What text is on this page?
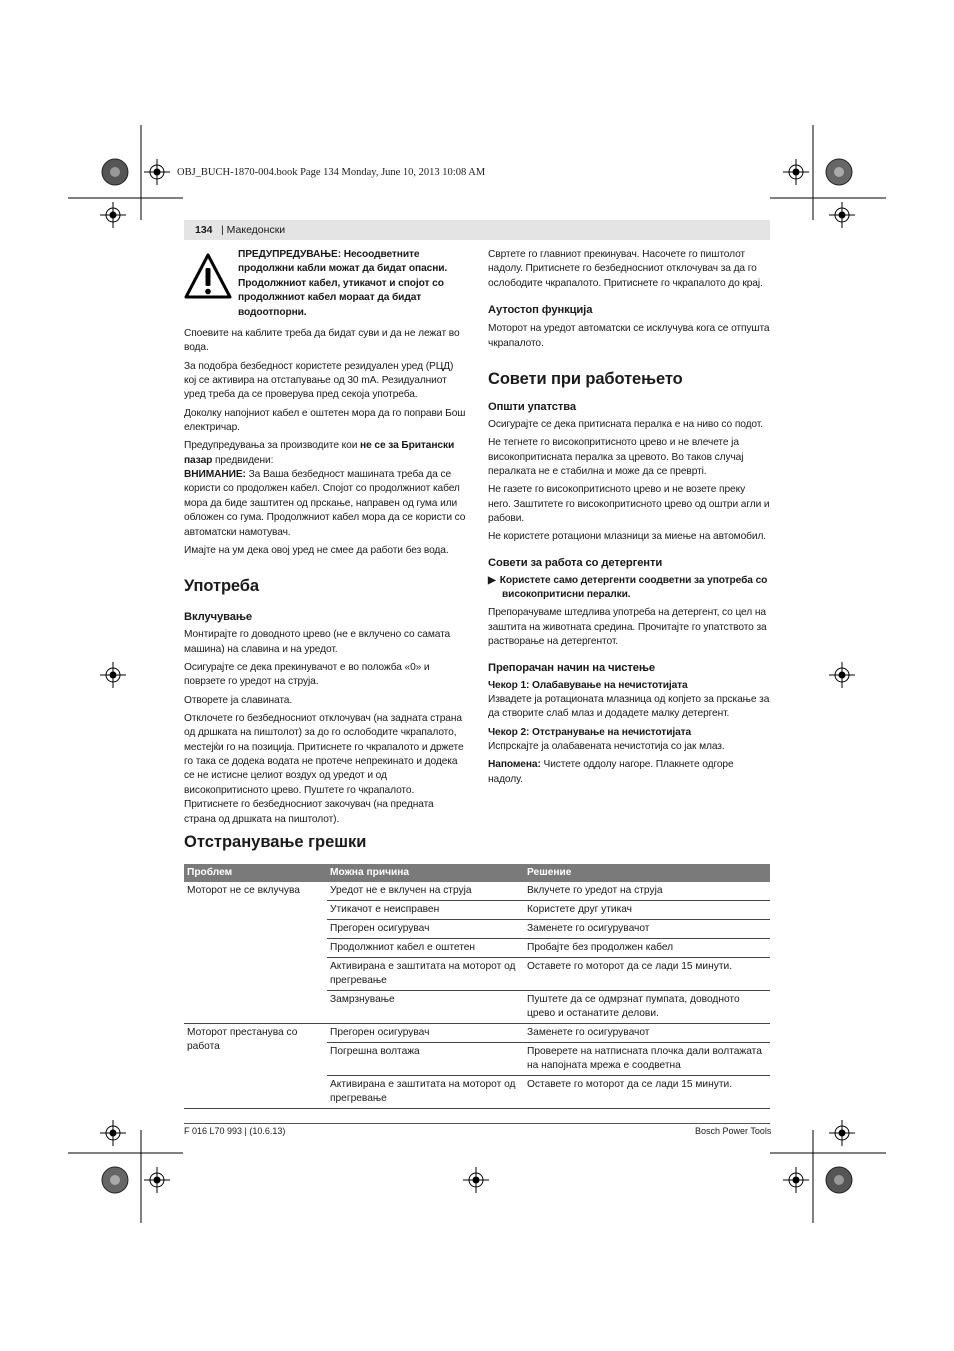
OBJ_BUCH-1870-004.book Page 134 Monday, June 10, 2013 10:08 AM
134 | Македонски
ПРЕДУПРЕДУВАЊЕ: Несоодветните продолжни кабли можат да бидат опасни. Продолжниот кабел, утикачот и спојот со продолжниот кабел мораат да бидат водоотпорни.

Споевите на каблите треба да бидат суви и да не лежат во вода.

За подобра безбедност користете резидуален уред (РЦД) кој се активира на отстапување од 30 mA. Резидуалниот уред треба да се проверува пред секоја употреба.

Доколку напојниот кабел е оштетен мора да го поправи Бош електричар.

Предупредувања за производите кои не се за Британски пазар предвидени:

ВНИМАНИЕ: За Ваша безбедност машината треба да се користи со продолжен кабел. Спојот со продолжниот кабел мора да биде заштитен од прскање, направен од гума или обложен со гума. Продолжниот кабел мора да се користи со автоматски намотувач.

Имајте на ум дека овој уред не смее да работи без вода.

Употреба
Вклучување

Монтирајте го доводното црево (не е вклучено со самата машина) на славина и на уредот.

Осигурајте се дека прекинувачот е во положба «0» и поврзете го уредот на струја.

Отворете ја славината.

Отклочете го безбедносниот отклочувач (на задната страна од дршката на пиштолот) за до го ослободите чкрапалото, местејќи го на позиција. Притиснете го чкрапалото и држете го така се додека водата не протече непрекинато и додека се не истисне целиот воздух од уредот и од високопритисното црево. Пуштете го чкрапалото. Притиснете го безбедносниот закочувач (на предната страна од дршката на пиштолот).

Свртете го главниот прекинувач. Насочете го пиштолот надолу. Притиснете го безбедносниот отклочувач за да го ослободите чкрапалото. Притиснете го чкрапалото до крај.

Аутостоп функција

Моторот на уредот автоматски се исклучува кога се отпушта чкрапалото.

Совети при работењето
Општи упатства

Осигурајте се дека притисната пералка е на ниво со подот.

Не тегнете го високопритисното црево и не влечете ја високопритисната пералка за цревото. Во таков случај пералката не е стабилна и може да се превртi.

Не газете го високопритисното црево и не возете преку него. Заштитете го високопритисното црево од оштри агли и рабови.

Не користете ротациони млазници за миење на автомобил.

Совети за работа со детергенти

▶ Користете само детергенти соодветни за употреба со високопритисни перaлки.

Препорачуваме штедлива употреба на детергент, со цел на заштита на животната средина. Прочитајте го упатството за растворање на детергентот.

Препорачан начин на чистење
Чекор 1: Олабавување на нечистотијата

Извадете ја ротационата млазница од копјето за прскање за да створите слаб млаз и додадете малку детергент.

Чекор 2: Отстранување на нечистотијата

Испрскајте ја олабавената нечистотија со јак млаз.

Напомена: Чистете оддолу нагоре. Плакнете одгоре надолу.

Отстранување грешки
Проблем	Можна причина	Решение
Моторот не се вклучува	Уредот не е вклучен на струја	Вклучете го уредот на струја
	Утикачот е неисправен	Користете друг утикач
	Прегорен осигурувач	Заменете го осигурувачот
	Продолжниот кабел е оштетен	Пробајте без продолжен кабел
	Активирана е заштитата на моторот од прегревање	Оставете го моторот да се лади 15 минути.
	Замрзнување	Пуштете да се одмрзнат пумпата, доводното црево и останатите делови.
Моторот престанува со работа	Прегорен осигурувач	Заменете го осигурувачот
	Погрешна волтажа	Проверете на натписната плочка дали волтажата на напојната мрежа е соодветна
	Активирана е заштитата на моторот од прегревање	Оставете го моторот да се лади 15 минути.
F 016 L70 993 | (10.6.13)	Bosch Power Tools
